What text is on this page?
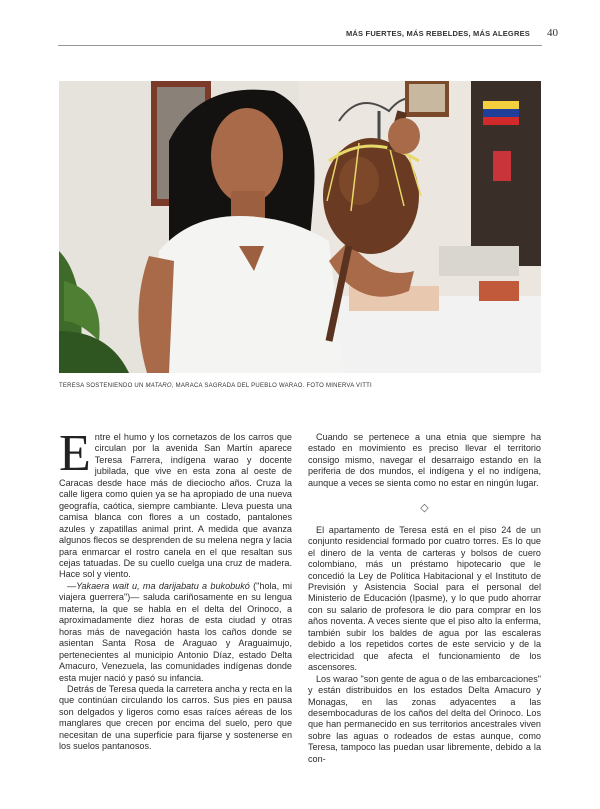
MÁS FUERTES, MÁS REBELDES, MÁS ALEGRES 40
TERESA SOSTENIENDO UN MATARO, MARACA SAGRADA DEL PUEBLO WARAO. FOTO MINERVA VITTI

Entre el humo y los cornetazos de los carros que circulan por la avenida San Martín aparece Teresa Farrera, indígena warao y docente jubilada, que vive en esta zona al oeste de Caracas desde hace más de dieciocho años. Cruza la calle ligera como quien ya se ha apropiado de una nueva geografía, caótica, siempre cambiante. Lleva puesta una camisa blanca con flores a un costado, pantalones azules y zapatillas animal print. A medida que avanza algunos flecos se desprenden de su melena negra y lacia para enmarcar el rostro canela en el que resaltan sus cejas tatuadas. De su cuello cuelga una cruz de madera. Hace sol y viento.

—Yakaera wait u, ma darijabatu a bukobukó ("hola, mi viajera guerrera")— saluda cariñosamente en su lengua materna, la que se habla en el delta del Orinoco, a aproximadamente diez horas de esta ciudad y otras horas más de navegación hasta los caños donde se asientan Santa Rosa de Araguao y Araguaimujo, pertenecientes al municipio Antonio Díaz, estado Delta Amacuro, Venezuela, las comunidades indígenas donde esta mujer nació y pasó su infancia.

Detrás de Teresa queda la carretera ancha y recta en la que continúan circulando los carros. Sus pies en pausa son delgados y ligeros como esas raíces aéreas de los manglares que crecen por encima del suelo, pero que necesitan de una superficie para fijarse y sostenerse en los suelos pantanosos.

Cuando se pertenece a una etnia que siempre ha estado en movimiento es preciso llevar el territorio consigo mismo, navegar el desarraigo estando en la periferia de dos mundos, el indígena y el no indígena, aunque a veces se sienta como no estar en ningún lugar.

◇

El apartamento de Teresa está en el piso 24 de un conjunto residencial formado por cuatro torres. Es lo que el dinero de la venta de carteras y bolsos de cuero colombiano, más un préstamo hipotecario que le concedió la Ley de Política Habitacional y el Instituto de Previsión y Asistencia Social para el personal del Ministerio de Educación (Ipasme), y lo que pudo ahorrar con su salario de profesora le dio para comprar en los años noventa. A veces siente que el piso alto la enferma, también subir los baldes de agua por las escaleras debido a los repetidos cortes de este servicio y de la electricidad que afecta el funcionamiento de los ascensores.

Los warao "son gente de agua o de las embarcaciones" y están distribuidos en los estados Delta Amacuro y Monagas, en las zonas adyacentes a las desembocaduras de los caños del delta del Orinoco. Los que han permanecido en sus territorios ancestrales viven sobre las aguas o rodeados de estas aunque, como Teresa, tampoco las puedan usar libremente, debido a la con-
